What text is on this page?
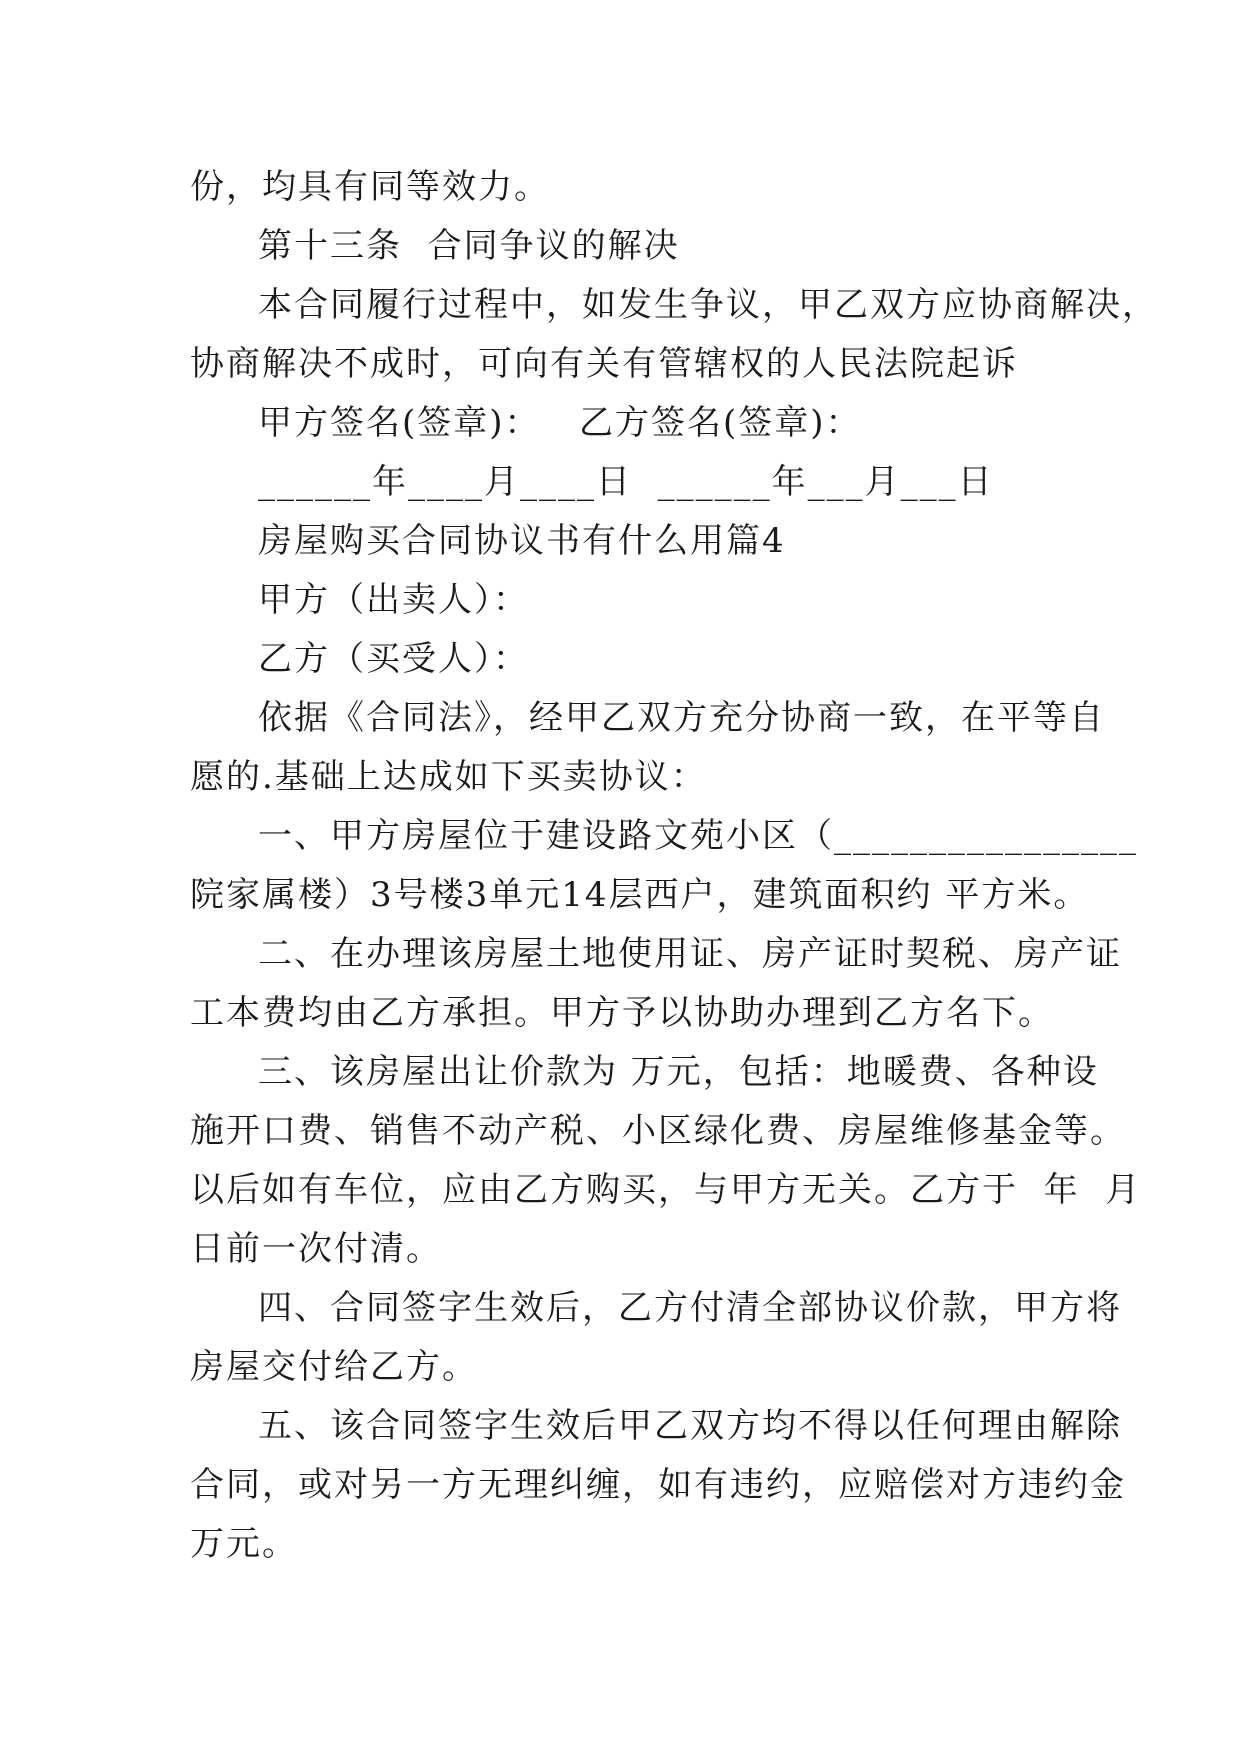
份，均具有同等效力。
第十三条  合同争议的解决
本合同履行过程中，如发生争议，甲乙双方应协商解决，
协商解决不成时，可向有关有管辖权的人民法院起诉
甲方签名(签章)：   乙方签名(签章)：
______年____月____日  ______年___月___日
房屋购买合同协议书有什么用篇4
甲方（出卖人）：
乙方（买受人）：
依据《合同法》，经甲乙双方充分协商一致，在平等自
愿的.基础上达成如下买卖协议：
一、甲方房屋位于建设路文苑小区（________________
院家属楼）3号楼3单元14层西户，建筑面积约 平方米。
二、在办理该房屋土地使用证、房产证时契税、房产证
工本费均由乙方承担。甲方予以协助办理到乙方名下。
三、该房屋出让价款为 万元，包括：地暖费、各种设
施开口费、销售不动产税、小区绿化费、房屋维修基金等。
以后如有车位，应由乙方购买，与甲方无关。乙方于  年  月
日前一次付清。
四、合同签字生效后，乙方付清全部协议价款，甲方将
房屋交付给乙方。
五、该合同签字生效后甲乙双方均不得以任何理由解除
合同，或对另一方无理纠缠，如有违约，应赔偿对方违约金
万元。
